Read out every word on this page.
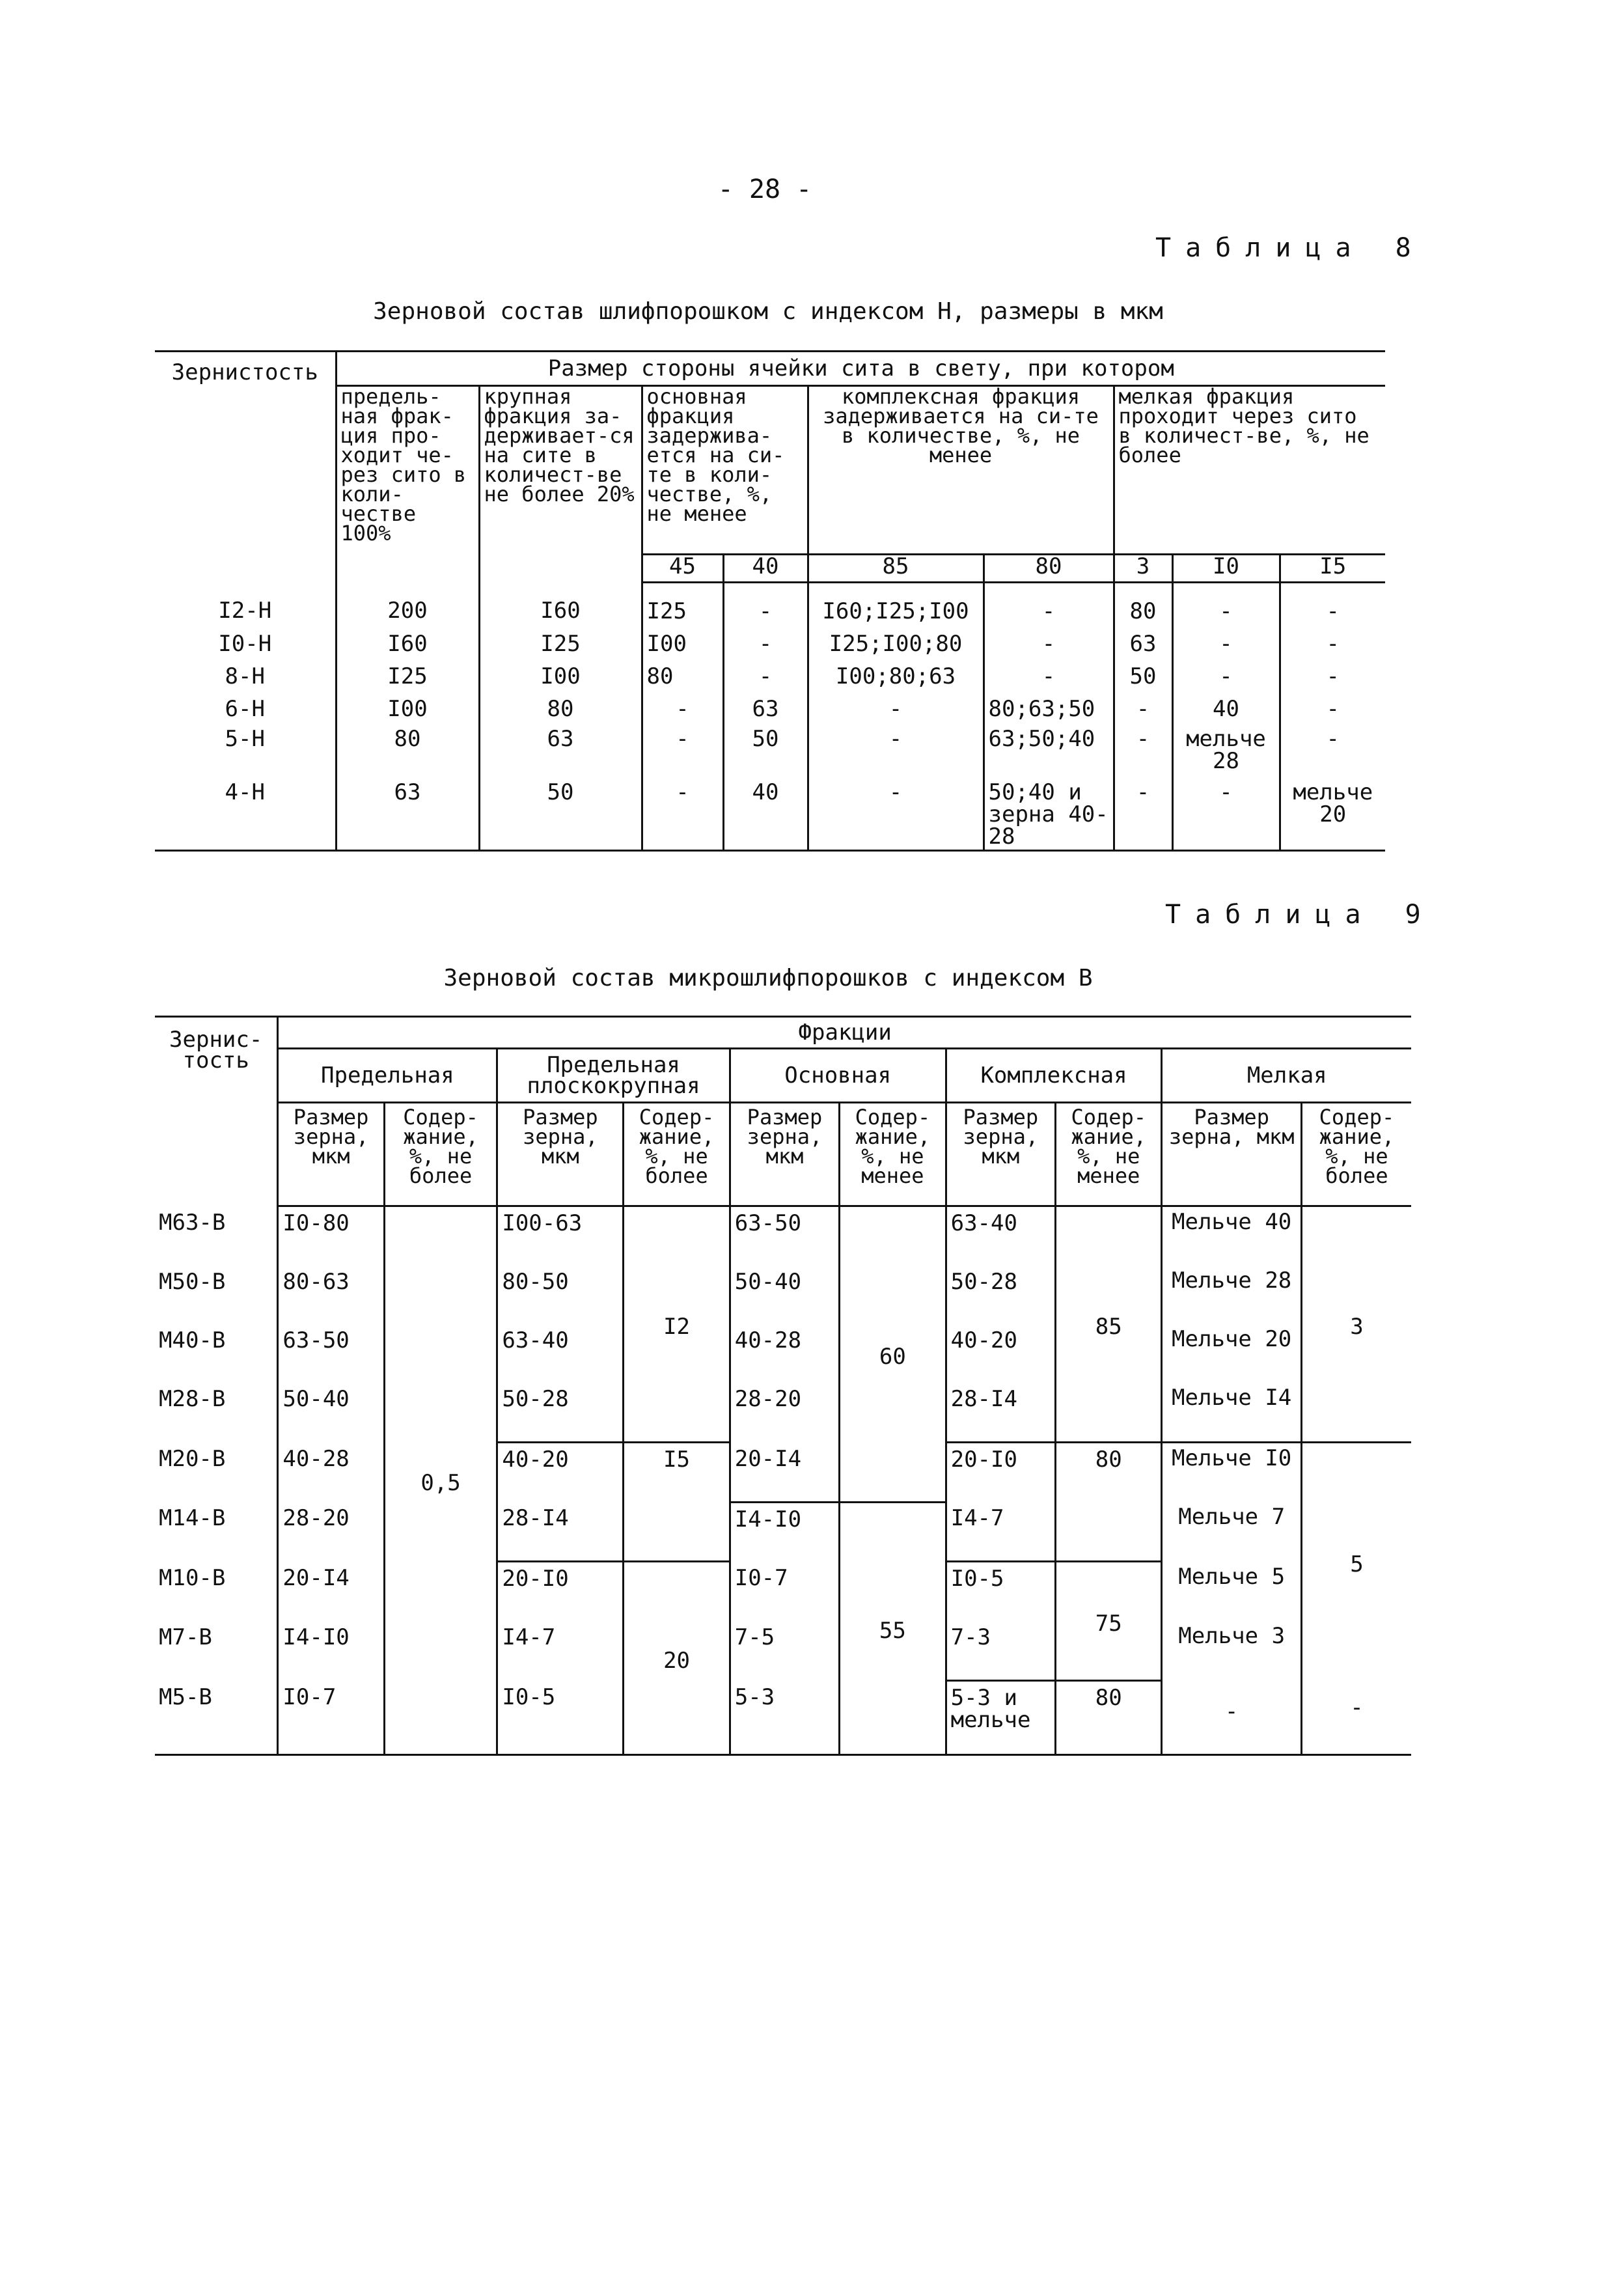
- 28 -
Таблица 8
Зерновой состав шлифпорошком с индексом Н, размеры в мкм
Зернистость	Размер стороны ячейки сита в свету, при котором								
	предель-ная фрак-ция про-ходит че-рез сито в коли-честве 100%	крупная фракция за-держивает-ся на сите в количест-ве не более 20%	основная фракция задержива-ется на си-те в коли-честве, %, не менее		комплексная фракция задерживается на си-те в количестве, %, не менее		мелкая фракция проходит через сито в количест-ве, %, не более		
			45	40	85	80	3	I0	I5
I2-Н	200	I60	I25	-	I60;I25;I00	-	80	-	-
I0-Н	I60	I25	I00	-	I25;I00;80	-	63	-	-
8-Н	I25	I00	80	-	I00;80;63	-	50	-	-
6-Н	I00	80	-	63	-	80;63;50	-	40	-
5-Н	80	63	-	50	-	63;50;40	-	мельче 28	-
4-Н	63	50	-	40	-	50;40 и зерна 40-28	-	-	мельче 20
Таблица 9
Зерновой состав микрошлифпорошков с индексом В
Зернис-тость	Фракции									
	Предельная		Предельная плоскокрупная		Основная		Комплексная		Мелкая	
	Размер зерна, мкм	Содер-жание, %, не более	Размер зерна, мкм	Содер-жание, %, не более	Размер зерна, мкм	Содер-жание, %, не менее	Размер зерна, мкм	Содер-жание, %, не менее	Размер зерна, мкм	Содер-жание, %, не более
М63-В	I0-80	0,5	I00-63	I2	63-50	60	63-40	85	Мельче 40	3
М50-В	80-63		80-50		50-40		50-28		Мельче 28	
М40-В	63-50		63-40		40-28		40-20		Мельче 20	
М28-В	50-40		50-28		28-20		28-I4		Мельче I4	
М20-В	40-28		40-20	I5	20-I4		20-I0	80	Мельче I0	5
М14-В	28-20		28-I4		I4-I0	55	I4-7		Мельче 7	
М10-В	20-I4		20-I0	20	I0-7		I0-5	75	Мельче 5	
М7-В	I4-I0		I4-7		7-5		7-3		Мельче 3	
М5-В	I0-7		I0-5		5-3		5-3 и мельче	80	-	-
